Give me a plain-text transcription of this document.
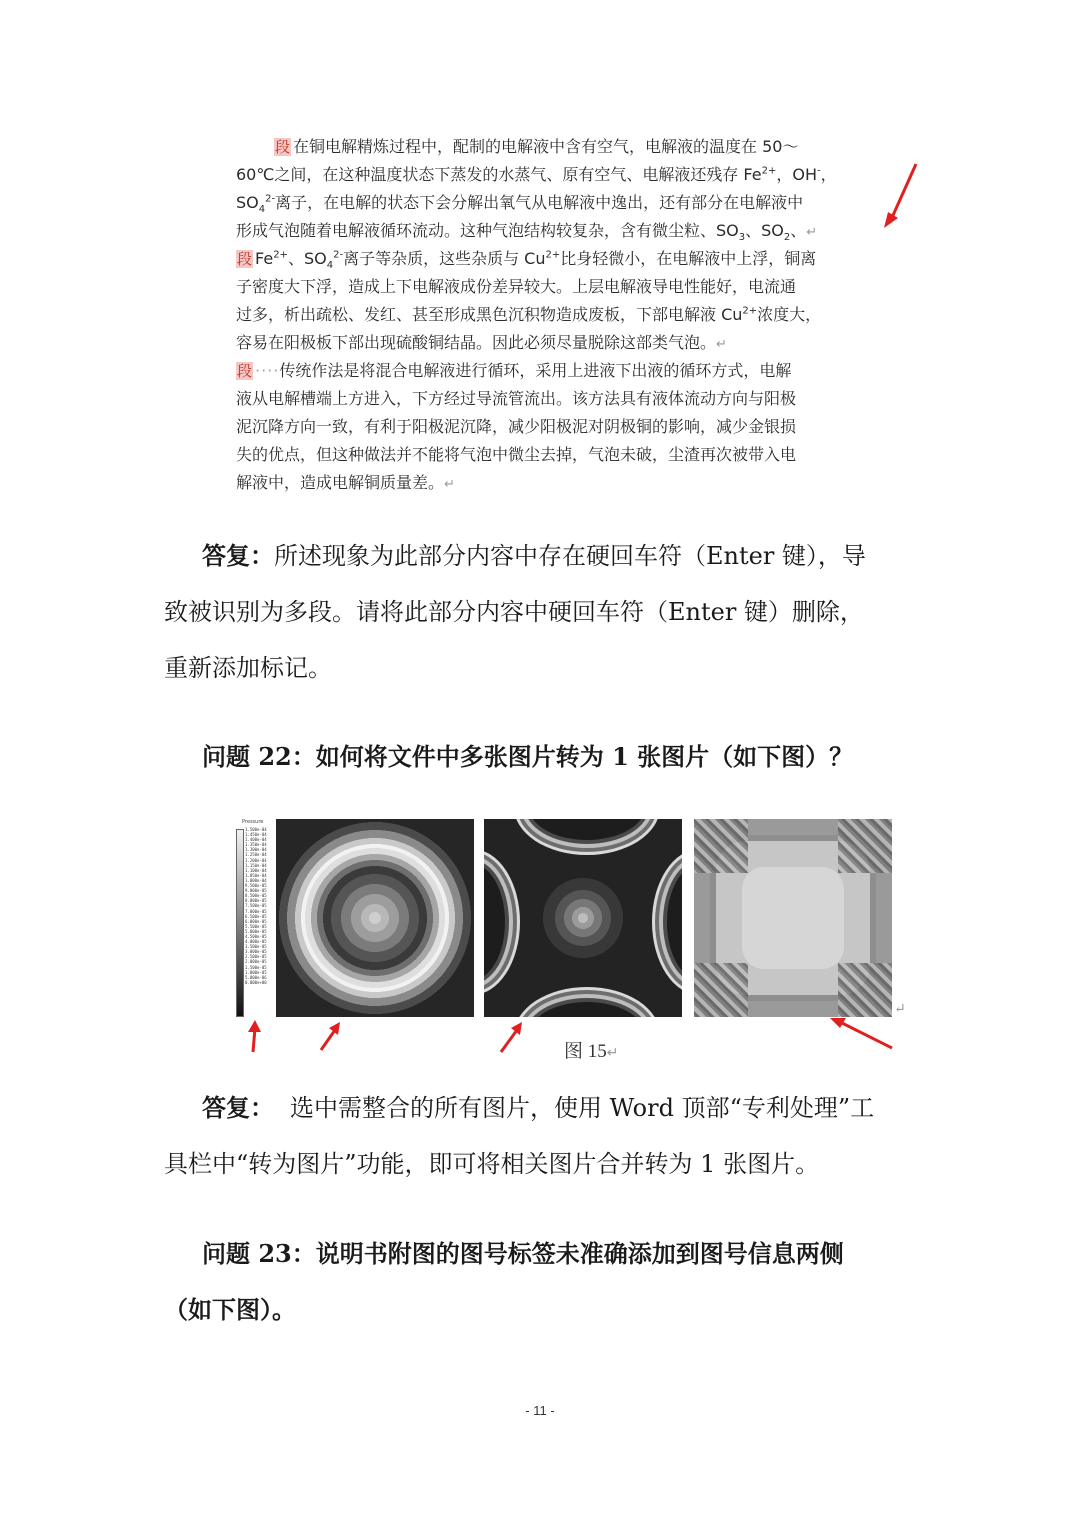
段 在铜电解精炼过程中，配制的电解液中含有空气，电解液的温度在 50～
60℃之间，在这种温度状态下蒸发的水蒸气、原有空气、电解液还残存 $Fe^{2+}$，OH-，
$SO_4^{2-}$离子，在电解的状态下会分解出氧气从电解液中逸出，还有部分在电解液中
形成气泡随着电解液循环流动。这种气泡结构较复杂，含有微尘粒、$SO_3$、$SO_2$、↵
段 $Fe^{2+}$、$SO_4^{2-}$离子等杂质，这些杂质与 $Cu^{2+}$比身轻微小，在电解液中上浮，铜离
子密度大下浮，造成上下电解液成份差异较大。上层电解液导电性能好，电流通
过多，析出疏松、发红、甚至形成黑色沉积物造成废板，下部电解液 $Cu^{2+}$浓度大，
容易在阳极板下部出现硫酸铜结晶。因此必须尽量脱除这部类气泡。↵
段 ····传统作法是将混合电解液进行循环，采用上进液下出液的循环方式，电解
液从电解槽端上方进入，下方经过导流管流出。该方法具有液体流动方向与阳极
泥沉降方向一致，有利于阳极泥沉降，减少阳极泥对阴极铜的影响，减少金银损
失的优点，但这种做法并不能将气泡中微尘去掉，气泡未破，尘渣再次被带入电
解液中，造成电解铜质量差。↵
答复：所述现象为此部分内容中存在硬回车符（Enter 键），导
致被识别为多段。请将此部分内容中硬回车符（Enter 键）删除，
重新添加标记。
问题 22：如何将文件中多张图片转为 1 张图片（如下图）？
Pressure
1.500e-04
1.450e-04
1.400e-04
1.350e-04
1.300e-04
1.250e-04
1.200e-04
1.150e-04
1.100e-04
1.050e-04
1.000e-04
9.500e-05
9.000e-05
8.500e-05
8.000e-05
7.500e-05
7.000e-05
6.500e-05
6.000e-05
5.500e-05
5.000e-05
4.500e-05
4.000e-05
3.500e-05
3.000e-05
2.500e-05
2.000e-05
1.500e-05
1.000e-05
5.000e-06
0.000e+00
↵
图 15↵
答复： 选中需整合的所有图片，使用 Word 顶部“专利处理”工
具栏中“转为图片”功能，即可将相关图片合并转为 1 张图片。
问题 23：说明书附图的图号标签未准确添加到图号信息两侧
（如下图）。
- 11 -
